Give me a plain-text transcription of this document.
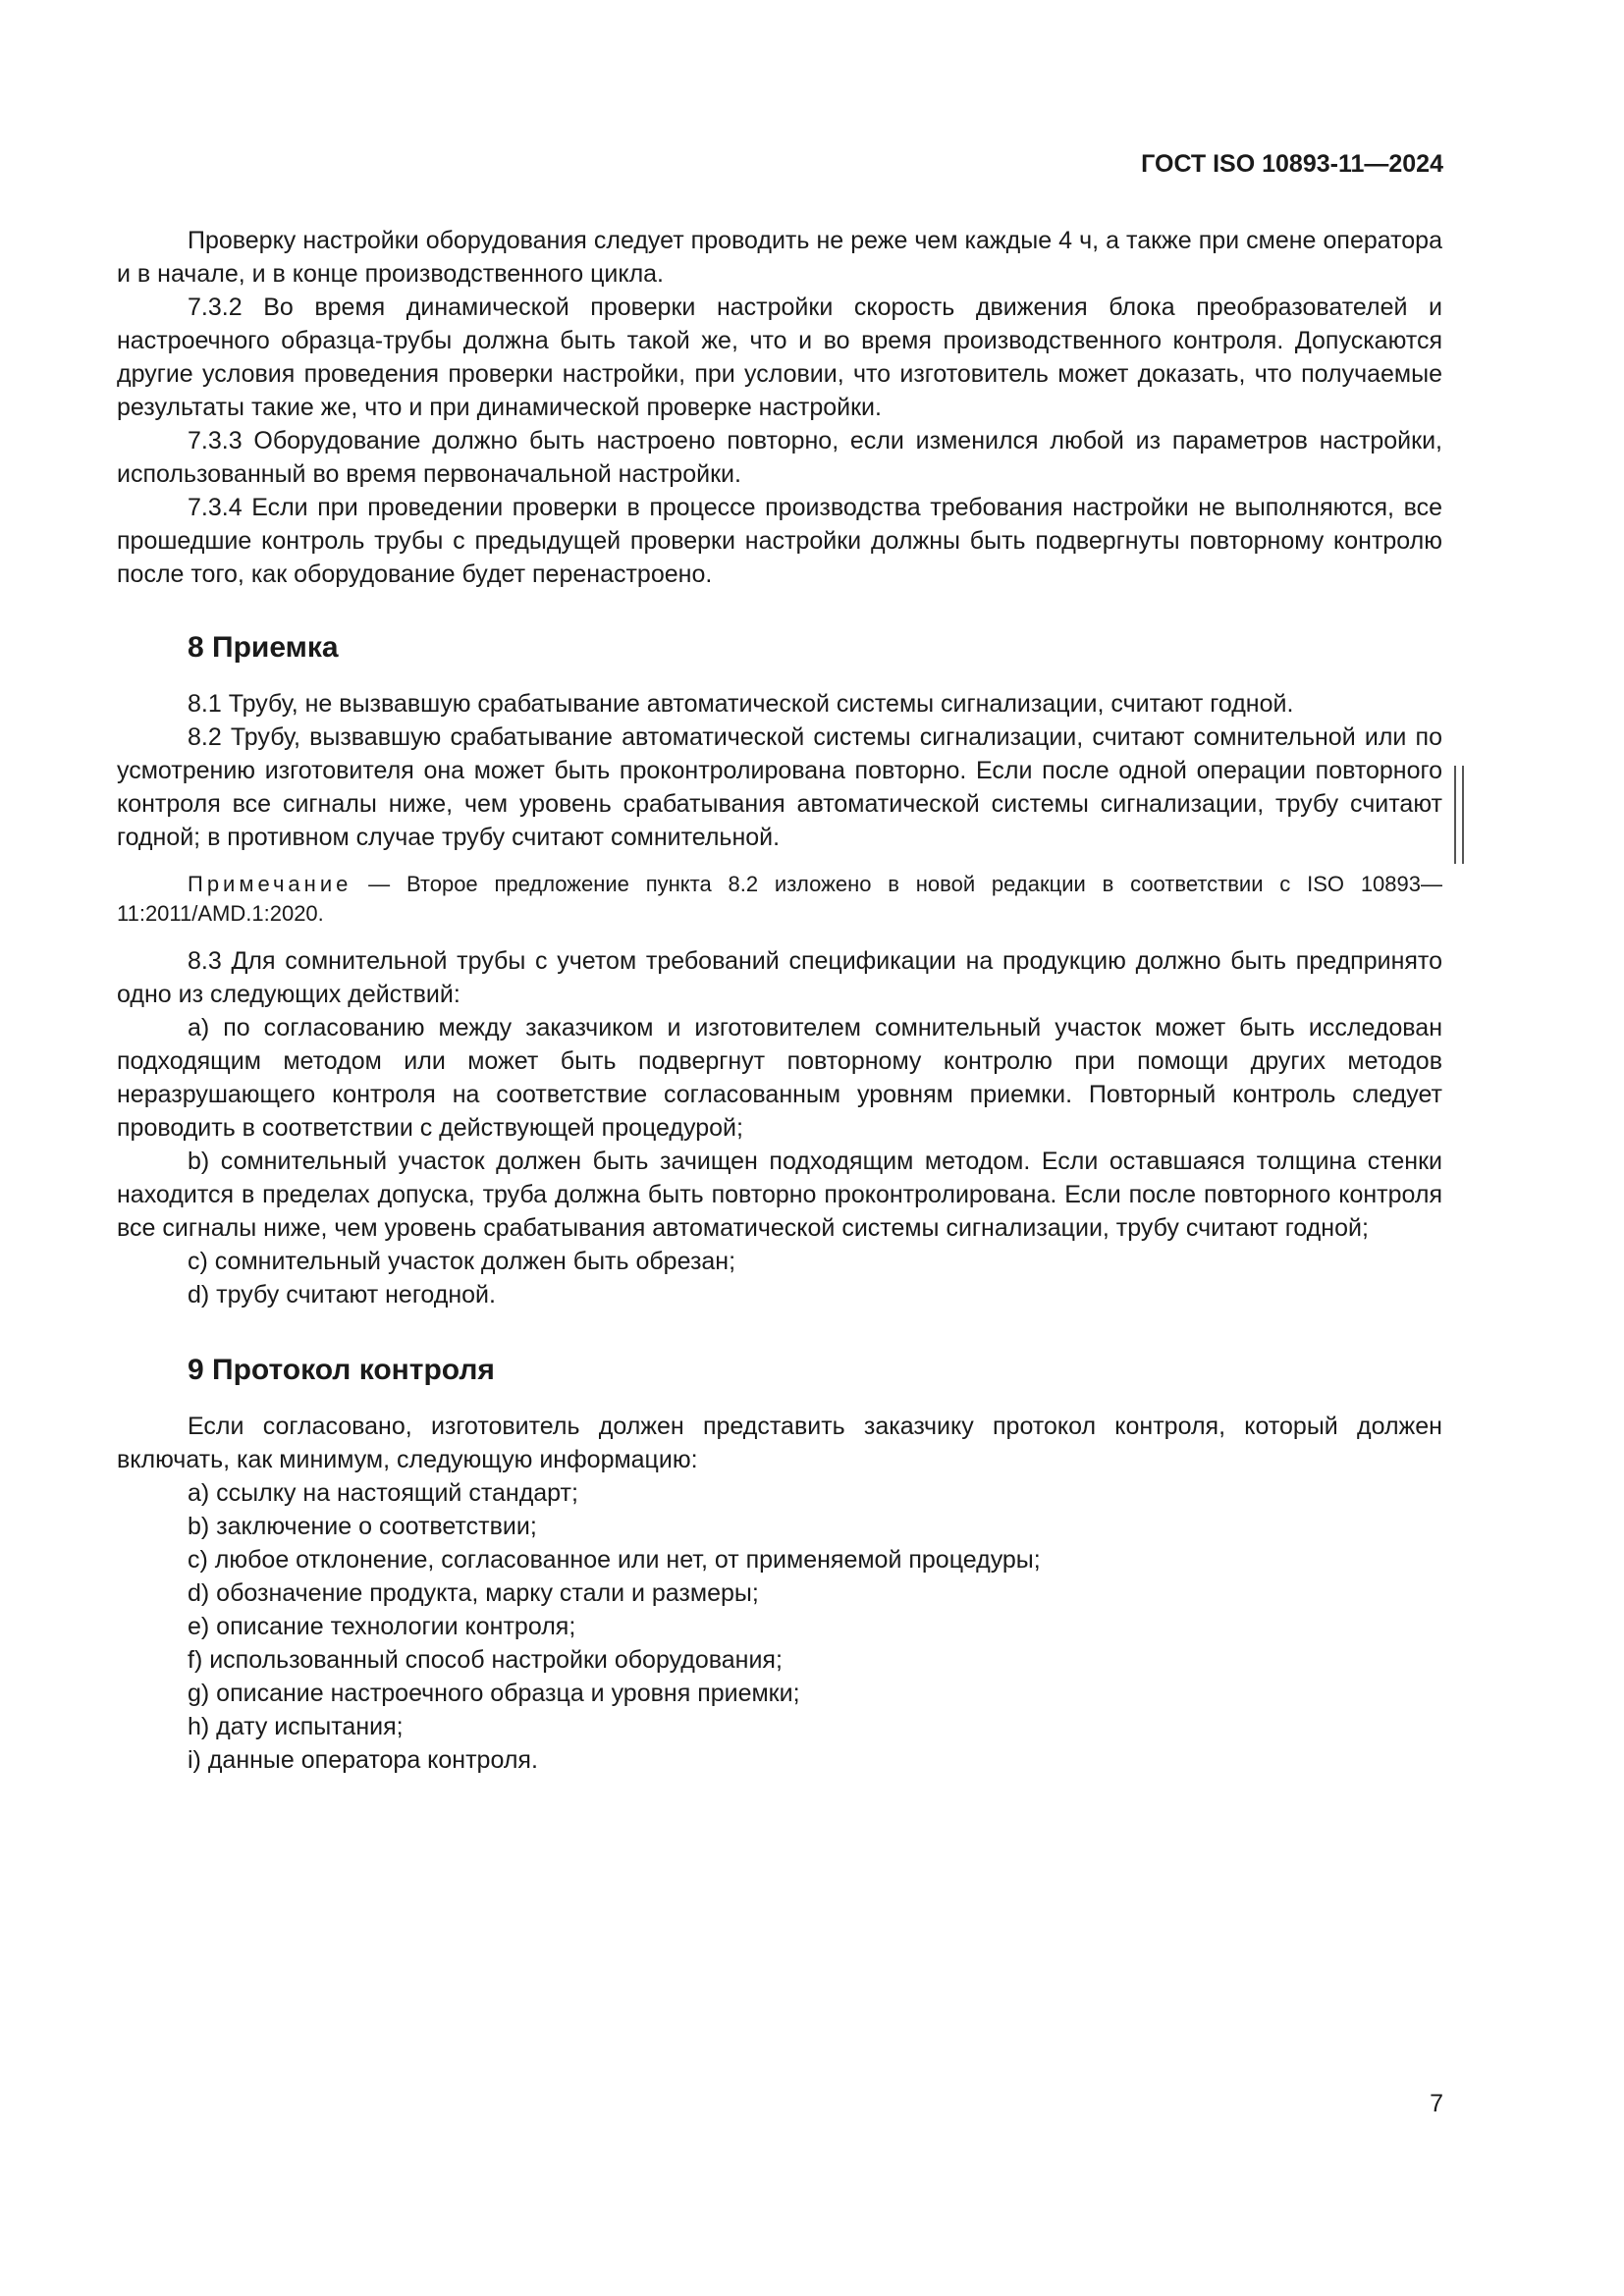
ГОСТ ISO 10893-11—2024

Проверку настройки оборудования следует проводить не реже чем каждые 4 ч, а также при смене оператора и в начале, и в конце производственного цикла.

7.3.2 Во время динамической проверки настройки скорость движения блока преобразователей и настроечного образца-трубы должна быть такой же, что и во время производственного контроля. Допускаются другие условия проведения проверки настройки, при условии, что изготовитель может доказать, что получаемые результаты такие же, что и при динамической проверке настройки.

7.3.3 Оборудование должно быть настроено повторно, если изменился любой из параметров настройки, использованный во время первоначальной настройки.

7.3.4 Если при проведении проверки в процессе производства требования настройки не выполняются, все прошедшие контроль трубы с предыдущей проверки настройки должны быть подвергнуты повторному контролю после того, как оборудование будет перенастроено.

8 Приемка

8.1 Трубу, не вызвавшую срабатывание автоматической системы сигнализации, считают годной.

8.2 Трубу, вызвавшую срабатывание автоматической системы сигнализации, считают сомнительной или по усмотрению изготовителя она может быть проконтролирована повторно. Если после одной операции повторного контроля все сигналы ниже, чем уровень срабатывания автоматической системы сигнализации, трубу считают годной; в противном случае трубу считают сомнительной.

Примечание — Второе предложение пункта 8.2 изложено в новой редакции в соответствии с ISO 10893—11:2011/AMD.1:2020.

8.3 Для сомнительной трубы с учетом требований спецификации на продукцию должно быть предпринято одно из следующих действий:

a) по согласованию между заказчиком и изготовителем сомнительный участок может быть исследован подходящим методом или может быть подвергнут повторному контролю при помощи других методов неразрушающего контроля на соответствие согласованным уровням приемки. Повторный контроль следует проводить в соответствии с действующей процедурой;

b) сомнительный участок должен быть зачищен подходящим методом. Если оставшаяся толщина стенки находится в пределах допуска, труба должна быть повторно проконтролирована. Если после повторного контроля все сигналы ниже, чем уровень срабатывания автоматической системы сигнализации, трубу считают годной;

c) сомнительный участок должен быть обрезан;

d) трубу считают негодной.

9 Протокол контроля

Если согласовано, изготовитель должен представить заказчику протокол контроля, который должен включать, как минимум, следующую информацию:

a) ссылку на настоящий стандарт;

b) заключение о соответствии;

c) любое отклонение, согласованное или нет, от применяемой процедуры;

d) обозначение продукта, марку стали и размеры;

e) описание технологии контроля;

f) использованный способ настройки оборудования;

g) описание настроечного образца и уровня приемки;

h) дату испытания;

i) данные оператора контроля.

7
